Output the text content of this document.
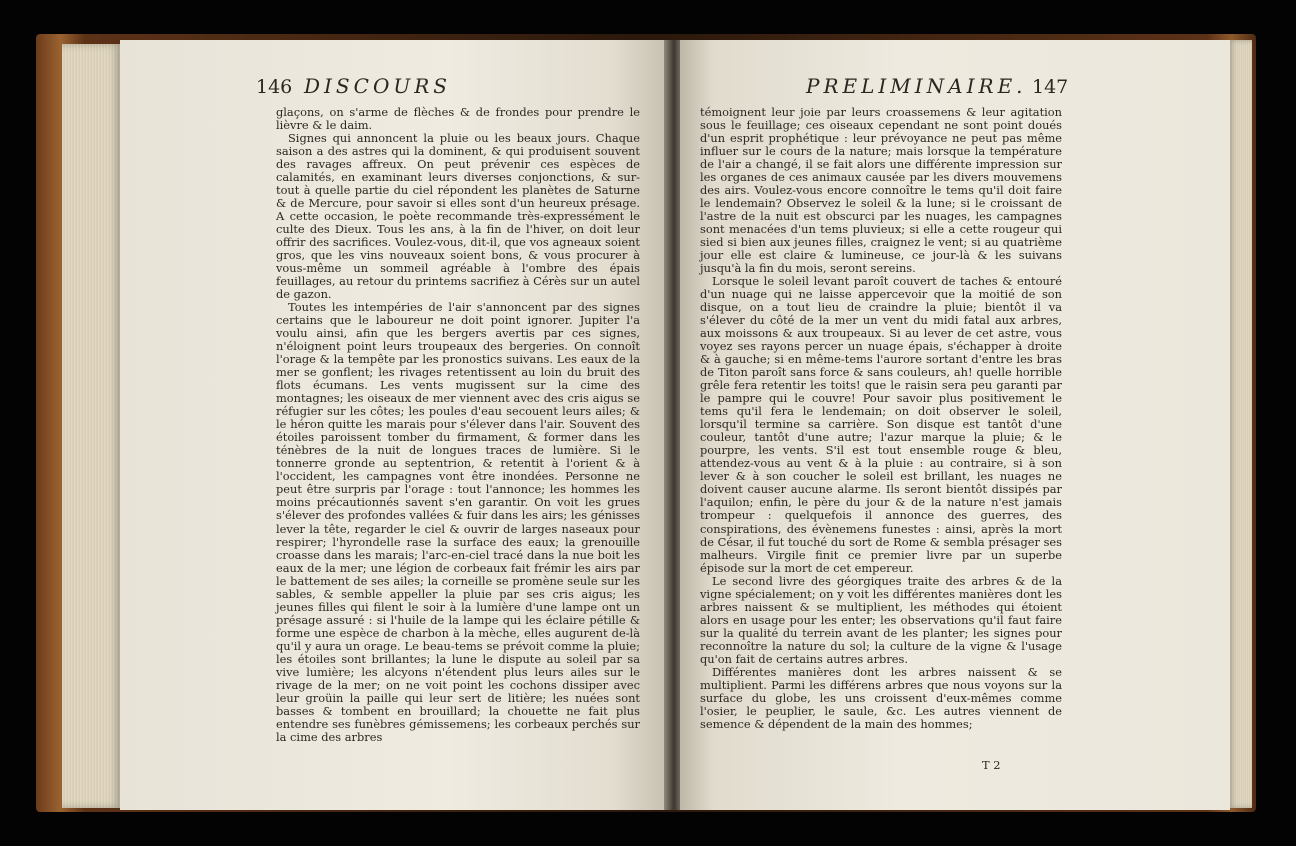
146 DISCOURS

glaçons, on s'arme de flèches & de frondes pour prendre le lièvre & le daim.

Signes qui annoncent la pluie ou les beaux jours. Chaque saison a des astres qui la dominent, & qui produisent souvent des ravages affreux. On peut prévenir ces espèces de calamités, en examinant leurs diverses conjonctions, & sur-tout à quelle partie du ciel répondent les planètes de Saturne & de Mercure, pour savoir si elles sont d'un heureux présage. A cette occasion, le poète recommande très-expressément le culte des Dieux. Tous les ans, à la fin de l'hiver, on doit leur offrir des sacrifices. Voulez-vous, dit-il, que vos agneaux soient gros, que les vins nouveaux soient bons, & vous procurer à vous-même un sommeil agréable à l'ombre des épais feuillages, au retour du printems sacrifiez à Cérès sur un autel de gazon.

Toutes les intempéries de l'air s'annoncent par des signes certains que le laboureur ne doit point ignorer. Jupiter l'a voulu ainsi, afin que les bergers avertis par ces signes, n'éloignent point leurs troupeaux des bergeries. On connoît l'orage & la tempête par les pronostics suivans. Les eaux de la mer se gonflent; les rivages retentissent au loin du bruit des flots écumans. Les vents mugissent sur la cime des montagnes; les oiseaux de mer viennent avec des cris aigus se réfugier sur les côtes; les poules d'eau secouent leurs ailes; & le héron quitte les marais pour s'élever dans l'air. Souvent des étoiles paroissent tomber du firmament, & former dans les ténèbres de la nuit de longues traces de lumière. Si le tonnerre gronde au septentrion, & retentit à l'orient & à l'occident, les campagnes vont être inondées. Personne ne peut être surpris par l'orage : tout l'annonce; les hommes les moins précautionnés savent s'en garantir. On voit les grues s'élever des profondes vallées & fuir dans les airs; les génisses lever la tête, regarder le ciel & ouvrir de larges naseaux pour respirer; l'hyrondelle rase la surface des eaux; la grenouille croasse dans les marais; l'arc-en-ciel tracé dans la nue boit les eaux de la mer; une légion de corbeaux fait frémir les airs par le battement de ses ailes; la corneille se promène seule sur les sables, & semble appeller la pluie par ses cris aigus; les jeunes filles qui filent le soir à la lumière d'une lampe ont un présage assuré : si l'huile de la lampe qui les éclaire pétille & forme une espèce de charbon à la mèche, elles augurent de-là qu'il y aura un orage. Le beau-tems se prévoit comme la pluie; les étoiles sont brillantes; la lune le dispute au soleil par sa vive lumière; les alcyons n'étendent plus leurs ailes sur le rivage de la mer; on ne voit point les cochons dissiper avec leur groüin la paille qui leur sert de litière; les nuées sont basses & tombent en brouillard; la chouette ne fait plus entendre ses funèbres gémissemens; les corbeaux perchés sur la cime des arbres

PRELIMINAIRE. 147

témoignent leur joie par leurs croassemens & leur agitation sous le feuillage; ces oiseaux cependant ne sont point doués d'un esprit prophétique : leur prévoyance ne peut pas même influer sur le cours de la nature; mais lorsque la température de l'air a changé, il se fait alors une différente impression sur les organes de ces animaux causée par les divers mouvemens des airs. Voulez-vous encore connoître le tems qu'il doit faire le lendemain? Observez le soleil & la lune; si le croissant de l'astre de la nuit est obscurci par les nuages, les campagnes sont menacées d'un tems pluvieux; si elle a cette rougeur qui sied si bien aux jeunes filles, craignez le vent; si au quatrième jour elle est claire & lumineuse, ce jour-là & les suivans jusqu'à la fin du mois, seront sereins.

Lorsque le soleil levant paroît couvert de taches & entouré d'un nuage qui ne laisse appercevoir que la moitié de son disque, on a tout lieu de craindre la pluie; bientôt il va s'élever du côté de la mer un vent du midi fatal aux arbres, aux moissons & aux troupeaux. Si au lever de cet astre, vous voyez ses rayons percer un nuage épais, s'échapper à droite & à gauche; si en même-tems l'aurore sortant d'entre les bras de Titon paroît sans force & sans couleurs, ah! quelle horrible grêle fera retentir les toits! que le raisin sera peu garanti par le pampre qui le couvre! Pour savoir plus positivement le tems qu'il fera le lendemain; on doit observer le soleil, lorsqu'il termine sa carrière. Son disque est tantôt d'une couleur, tantôt d'une autre; l'azur marque la pluie; & le pourpre, les vents. S'il est tout ensemble rouge & bleu, attendez-vous au vent & à la pluie : au contraire, si à son lever & à son coucher le soleil est brillant, les nuages ne doivent causer aucune alarme. Ils seront bientôt dissipés par l'aquilon; enfin, le père du jour & de la nature n'est jamais trompeur : quelquefois il annonce des guerres, des conspirations, des évènemens funestes : ainsi, après la mort de César, il fut touché du sort de Rome & sembla présager ses malheurs. Virgile finit ce premier livre par un superbe épisode sur la mort de cet empereur.

Le second livre des géorgiques traite des arbres & de la vigne spécialement; on y voit les différentes manières dont les arbres naissent & se multiplient, les méthodes qui étoient alors en usage pour les enter; les observations qu'il faut faire sur la qualité du terrein avant de les planter; les signes pour reconnoître la nature du sol; la culture de la vigne & l'usage qu'on fait de certains autres arbres.

Différentes manières dont les arbres naissent & se multiplient. Parmi les différens arbres que nous voyons sur la surface du globe, les uns croissent d'eux-mêmes comme l'osier, le peuplier, le saule, &c. Les autres viennent de semence & dépendent de la main des hommes;

T 2
